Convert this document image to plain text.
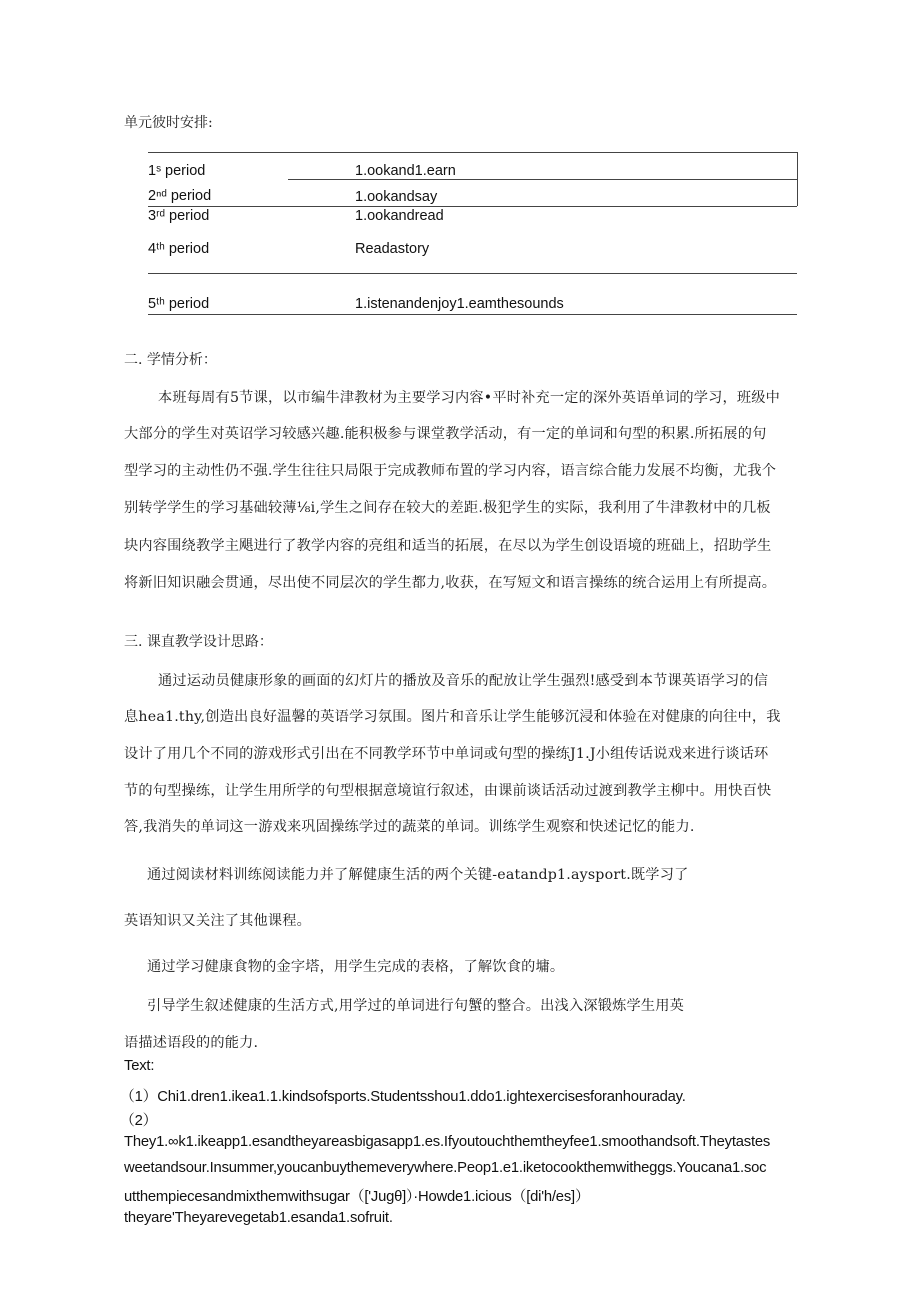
单元彼时安排:
1ˢ period	1.ookand1.earn
2ⁿᵈ period	1.ookandsay
3ʳᵈ period	1.ookandread
4ᵗʰ period	Readastory
5ᵗʰ period	1.istenandenjoy1.eamthesounds
二. 学情分析：
本班每周有5节课，以市编牛津教材为主要学习内容•平时补充一定的深外英语单词的学习，班级中
大部分的学生对英诏学习较感兴趣.能积极参与课堂教学活动，有一定的单词和句型的积累.所拓展的句
型学习的主动性仍不强.学生往往只局限于完成教师布置的学习内容，语言综合能力发展不均衡，尤我个
别转学学生的学习基础较薄⅛i,学生之间存在较大的差距.极犯学生的实际，我利用了牛津教材中的几板
块内容围绕教学主飓进行了教学内容的亮组和适当的拓展，在尽以为学生创设语境的班础上，招助学生
将新旧知识融会贯通，尽出使不同层次的学生都力,收获，在写短文和语言操练的统合运用上有所提高。
三. 课直教学设计思路：
通过运动员健康形象的画面的幻灯片的播放及音乐的配放让学生强烈!感受到本节课英语学习的信
息hea1.thy,创造出良好温馨的英语学习氛围。图片和音乐让学生能够沉浸和体验在对健康的向往中，我
设计了用几个不同的游戏形式引出在不同教学环节中单词或句型的操练J1.J小组传话说戏来进行谈话环
节的句型操练，让学生用所学的句型根据意境谊行叙述，由课前谈话活动过渡到教学主柳中。用快百快
答,我消失的单词这一游戏来巩固操练学过的蔬菜的单词。训练学生观察和快述记忆的能力.
通过阅读材料训练阅读能力并了解健康生活的两个关键-eatandp1.aysport.既学习了
英语知识又关注了其他课程。
通过学习健康食物的金字塔，用学生完成的表格，了解饮食的墉。
引导学生叙述健康的生活方式,用学过的单词进行句蟹的整合。出浅入深锻炼学生用英
语描述语段的的能力.
Text:
（1）Chi1.dren1.ikea1.1.kindsofsports.Studentsshou1.ddo1.ightexercisesforanhouraday.
（2）
They1.∞k1.ikeapp1.esandtheyareasbigasapp1.es.Ifyoutouchthemtheyfee1.smoothandsoft.Theytastes
weetandsour.Insummer,youcanbuythemeverywhere.Peop1.e1.iketocookthemwitheggs.Youcana1.soc
utthempiecesandmixthemwithsugar（['Jugθ]）·Howde1.icious（[di'h/es]）
theyare'Theyarevegetab1.esanda1.sofruit.
